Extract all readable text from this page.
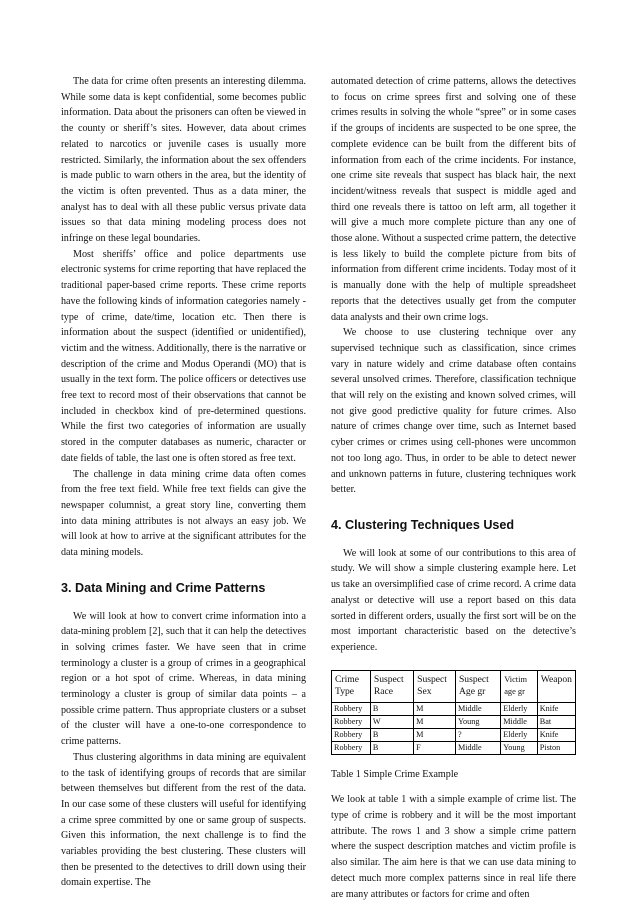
The data for crime often presents an interesting dilemma. While some data is kept confidential, some becomes public information. Data about the prisoners can often be viewed in the county or sheriff’s sites. However, data about crimes related to narcotics or juvenile cases is usually more restricted. Similarly, the information about the sex offenders is made public to warn others in the area, but the identity of the victim is often prevented. Thus as a data miner, the analyst has to deal with all these public versus private data issues so that data mining modeling process does not infringe on these legal boundaries.

Most sheriffs’ office and police departments use electronic systems for crime reporting that have replaced the traditional paper-based crime reports. These crime reports have the following kinds of information categories namely - type of crime, date/time, location etc. Then there is information about the suspect (identified or unidentified), victim and the witness. Additionally, there is the narrative or description of the crime and Modus Operandi (MO) that is usually in the text form. The police officers or detectives use free text to record most of their observations that cannot be included in checkbox kind of pre-determined questions. While the first two categories of information are usually stored in the computer databases as numeric, character or date fields of table, the last one is often stored as free text.

The challenge in data mining crime data often comes from the free text field. While free text fields can give the newspaper columnist, a great story line, converting them into data mining attributes is not always an easy job. We will look at how to arrive at the significant attributes for the data mining models.

3. Data Mining and Crime Patterns

We will look at how to convert crime information into a data-mining problem [2], such that it can help the detectives in solving crimes faster. We have seen that in crime terminology a cluster is a group of crimes in a geographical region or a hot spot of crime. Whereas, in data mining terminology a cluster is group of similar data points – a possible crime pattern. Thus appropriate clusters or a subset of the cluster will have a one-to-one correspondence to crime patterns.

Thus clustering algorithms in data mining are equivalent to the task of identifying groups of records that are similar between themselves but different from the rest of the data. In our case some of these clusters will useful for identifying a crime spree committed by one or same group of suspects. Given this information, the next challenge is to find the variables providing the best clustering. These clusters will then be presented to the detectives to drill down using their domain expertise. The

automated detection of crime patterns, allows the detectives to focus on crime sprees first and solving one of these crimes results in solving the whole “spree” or in some cases if the groups of incidents are suspected to be one spree, the complete evidence can be built from the different bits of information from each of the crime incidents. For instance, one crime site reveals that suspect has black hair, the next incident/witness reveals that suspect is middle aged and third one reveals there is tattoo on left arm, all together it will give a much more complete picture than any one of those alone. Without a suspected crime pattern, the detective is less likely to build the complete picture from bits of information from different crime incidents. Today most of it is manually done with the help of multiple spreadsheet reports that the detectives usually get from the computer data analysts and their own crime logs.

We choose to use clustering technique over any supervised technique such as classification, since crimes vary in nature widely and crime database often contains several unsolved crimes. Therefore, classification technique that will rely on the existing and known solved crimes, will not give good predictive quality for future crimes. Also nature of crimes change over time, such as Internet based cyber crimes or crimes using cell-phones were uncommon not too long ago. Thus, in order to be able to detect newer and unknown patterns in future, clustering techniques work better.

4. Clustering Techniques Used

We will look at some of our contributions to this area of study. We will show a simple clustering example here. Let us take an oversimplified case of crime record. A crime data analyst or detective will use a report based on this data sorted in different orders, usually the first sort will be on the most important characteristic based on the detective’s experience.

Crime Type	Suspect Race	Suspect Sex	Suspect Age gr	Victim age gr	Weapon
Robbery	B	M	Middle	Elderly	Knife
Robbery	W	M	Young	Middle	Bat
Robbery	B	M	?	Elderly	Knife
Robbery	B	F	Middle	Young	Piston

Table 1 Simple Crime Example

We look at table 1 with a simple example of crime list. The type of crime is robbery and it will be the most important attribute. The rows 1 and 3 show a simple crime pattern where the suspect description matches and victim profile is also similar. The aim here is that we can use data mining to detect much more complex patterns since in real life there are many attributes or factors for crime and often
